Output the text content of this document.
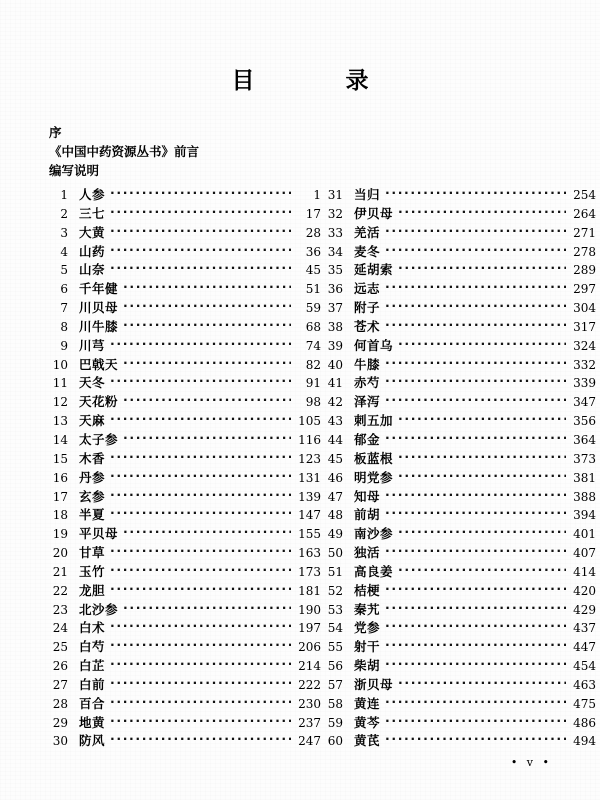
目　录
序
《中国中药资源丛书》前言
编写说明
1 人参 ·····	1
2 三七 ·····	17
3 大黄 ·····	28
4 山药 ·····	36
5 山奈 ·····	45
6 千年健 ·····	51
7 川贝母 ·····	59
8 川牛膝 ·····	68
9 川芎 ·····	74
10 巴戟天 ·····	82
11 天冬 ·····	91
12 天花粉 ·····	98
13 天麻 ·····	105
14 太子参 ·····	116
15 木香 ·····	123
16 丹参 ·····	131
17 玄参 ·····	139
18 半夏 ·····	147
19 平贝母 ·····	155
20 甘草 ·····	163
21 玉竹 ·····	173
22 龙胆 ·····	181
23 北沙参 ·····	190
24 白术 ·····	197
25 白芍 ·····	206
26 白芷 ·····	214
27 白前 ·····	222
28 百合 ·····	230
29 地黄 ·····	237
30 防风 ·····	247
31 当归 ·····	254
32 伊贝母 ·····	264
33 羌活 ·····	271
34 麦冬 ·····	278
35 延胡索 ·····	289
36 远志 ·····	297
37 附子 ·····	304
38 苍术 ·····	317
39 何首乌 ·····	324
40 牛膝 ·····	332
41 赤芍 ·····	339
42 泽泻 ·····	347
43 刺五加 ·····	356
44 郁金 ·····	364
45 板蓝根 ·····	373
46 明党参 ·····	381
47 知母 ·····	388
48 前胡 ·····	394
49 南沙参 ·····	401
50 独活 ·····	407
51 高良姜 ·····	414
52 桔梗 ·····	420
53 秦艽 ·····	429
54 党参 ·····	437
55 射干 ·····	447
56 柴胡 ·····	454
57 浙贝母 ·····	463
58 黄连 ·····	475
59 黄芩 ·····	486
60 黄芪 ·····	494
• v •
